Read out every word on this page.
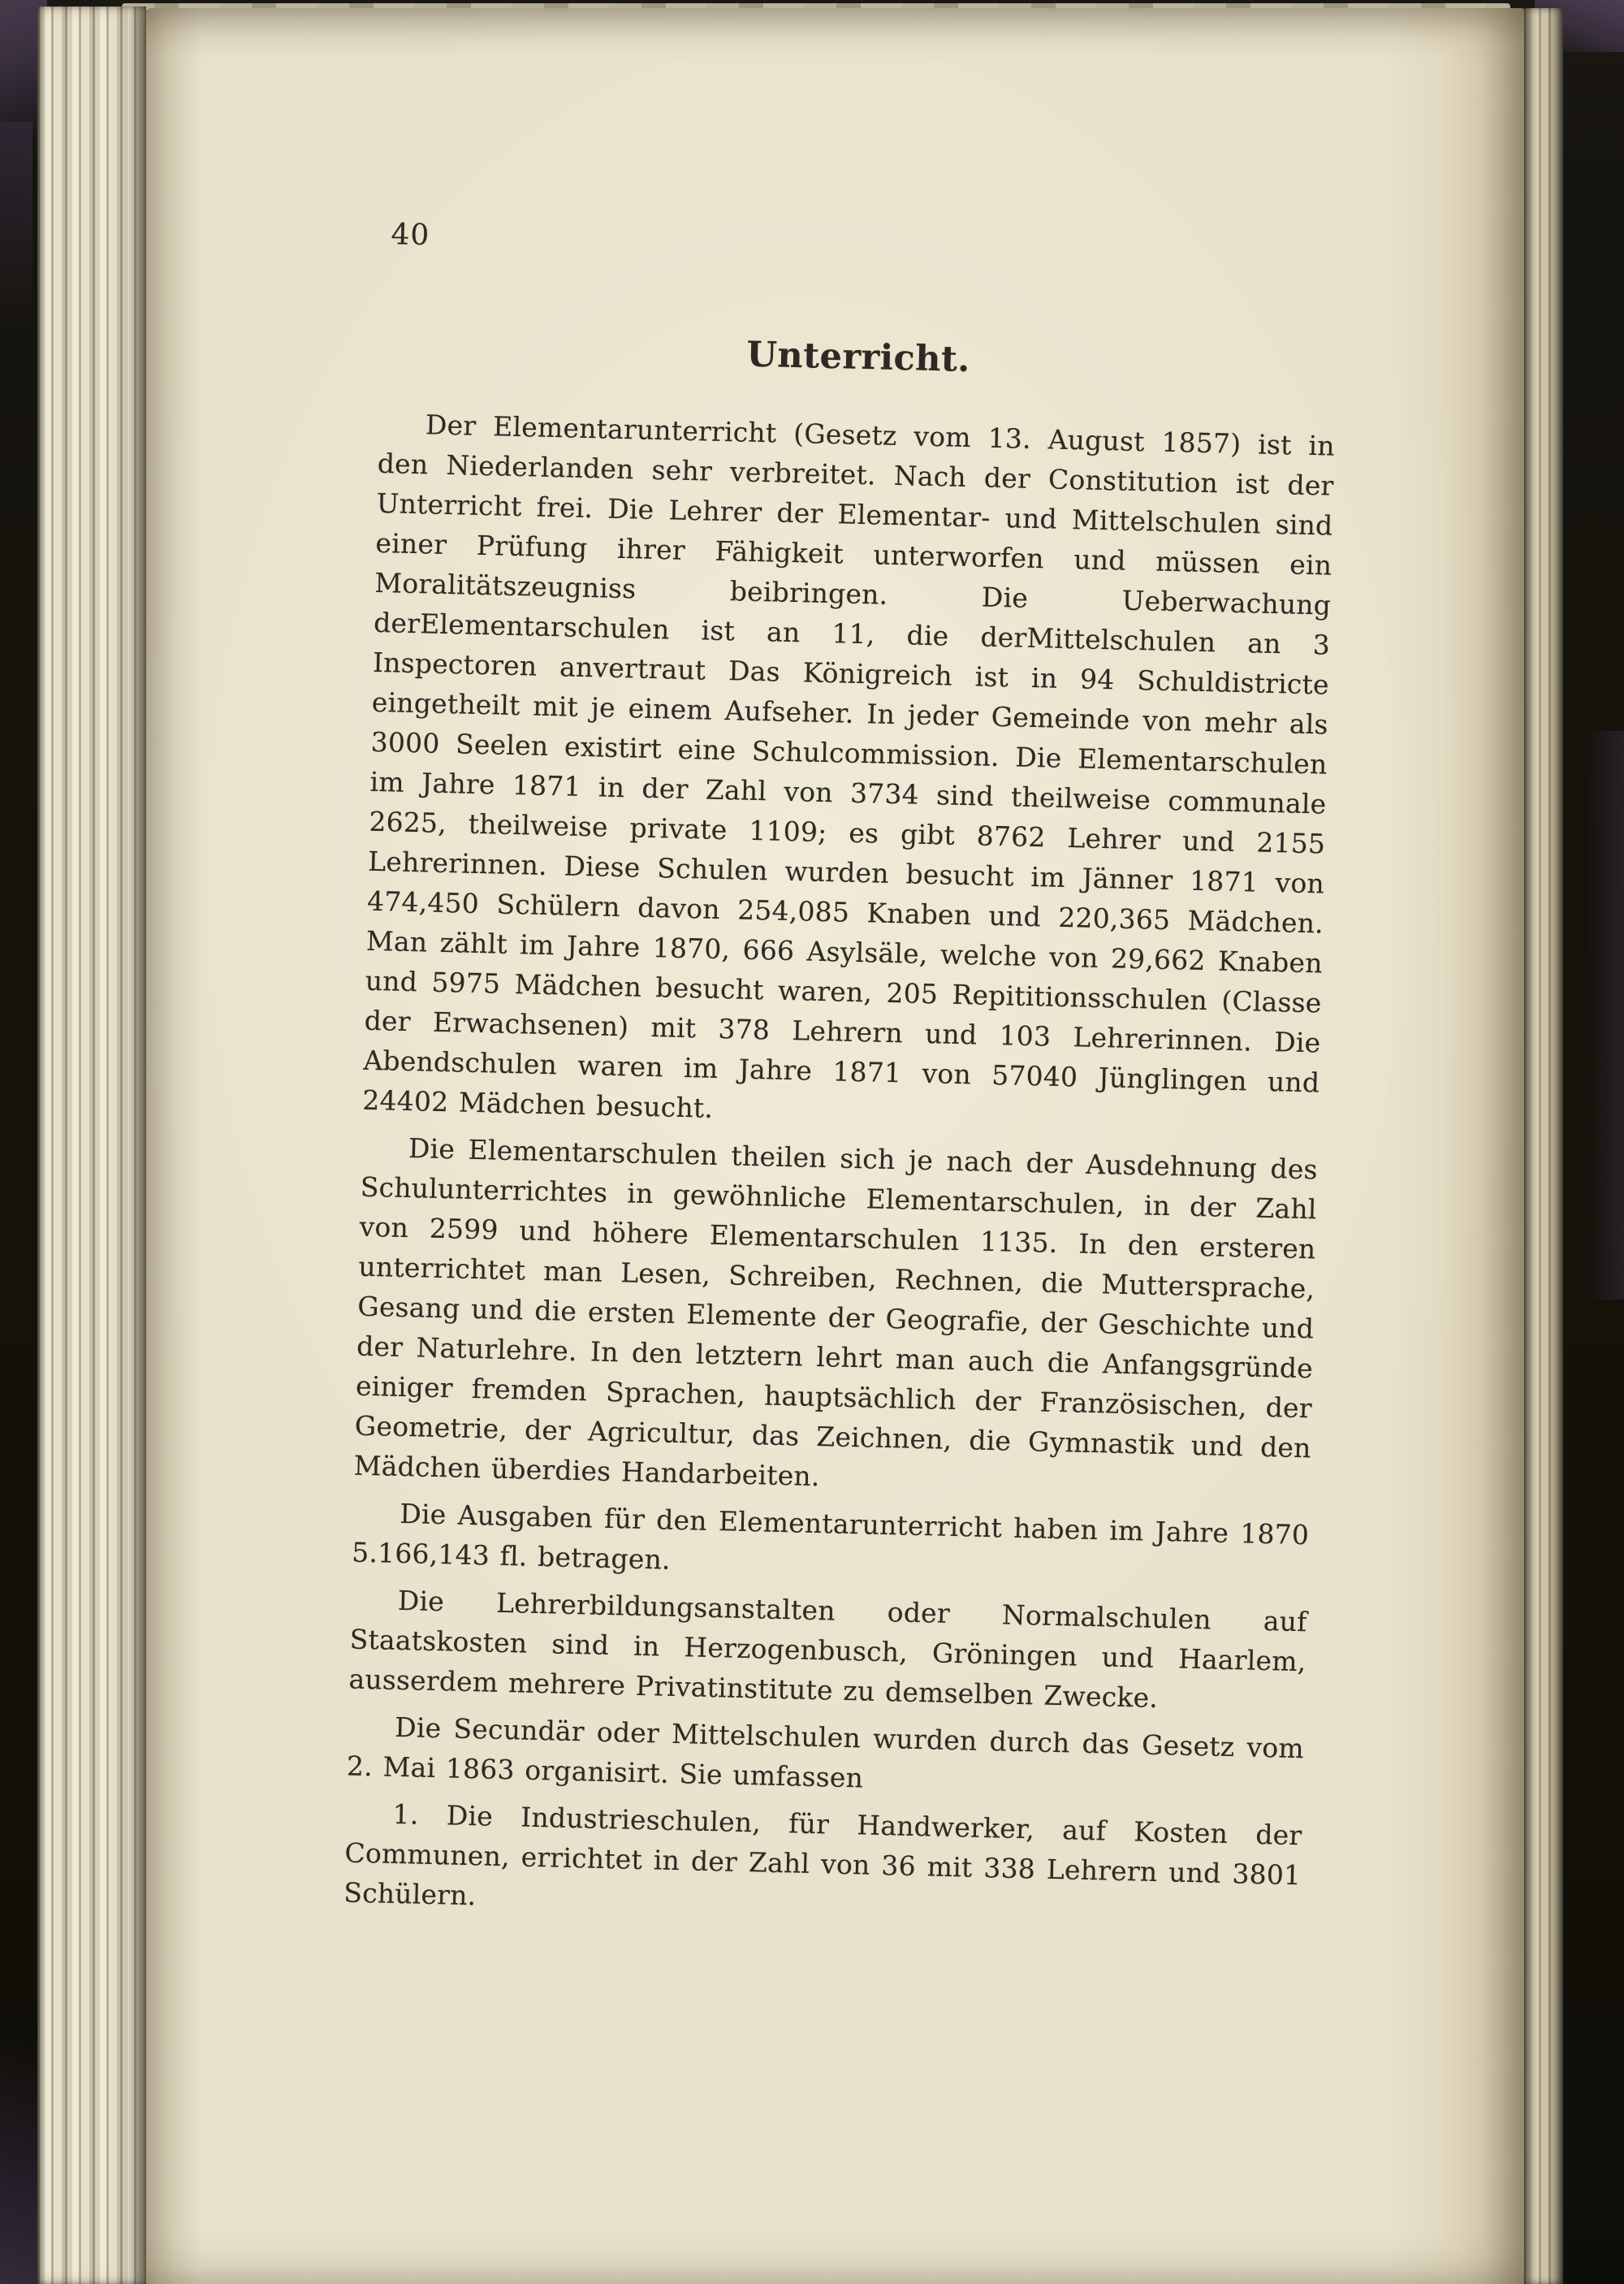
40
Unterricht.

Der Elementarunterricht (Gesetz vom 13. August 1857) ist in den Niederlanden sehr verbreitet. Nach der Constitution ist der Unterricht frei. Die Lehrer der Elementar- und Mittelschulen sind einer Prüfung ihrer Fähigkeit unterworfen und müssen ein Moralitätszeugniss beibringen. Die Ueberwachung derElementarschulen ist an 11, die derMittelschulen an 3 Inspectoren anvertraut Das Königreich ist in 94 Schuldistricte eingetheilt mit je einem Aufseher. In jeder Gemeinde von mehr als 3000 Seelen existirt eine Schulcommission. Die Elementarschulen im Jahre 1871 in der Zahl von 3734 sind theilweise communale 2625, theilweise private 1109; es gibt 8762 Lehrer und 2155 Lehrerinnen. Diese Schulen wurden besucht im Jänner 1871 von 474,450 Schülern davon 254,085 Knaben und 220,365 Mädchen. Man zählt im Jahre 1870, 666 Asylsäle, welche von 29,662 Knaben und 5975 Mädchen besucht waren, 205 Repititionsschulen (Classe der Erwachsenen) mit 378 Lehrern und 103 Lehrerinnen. Die Abendschulen waren im Jahre 1871 von 57040 Jünglingen und 24402 Mädchen besucht.

Die Elementarschulen theilen sich je nach der Ausdehnung des Schulunterrichtes in gewöhnliche Elementarschulen, in der Zahl von 2599 und höhere Elementarschulen 1135. In den ersteren unterrichtet man Lesen, Schreiben, Rechnen, die Muttersprache, Gesang und die ersten Elemente der Geografie, der Geschichte und der Naturlehre. In den letztern lehrt man auch die Anfangsgründe einiger fremden Sprachen, hauptsächlich der Französischen, der Geometrie, der Agricultur, das Zeichnen, die Gymnastik und den Mädchen überdies Handarbeiten.

Die Ausgaben für den Elementarunterricht haben im Jahre 1870 5.166,143 fl. betragen.

Die Lehrerbildungsanstalten oder Normalschulen auf Staatskosten sind in Herzogenbusch, Gröningen und Haarlem, ausserdem mehrere Privatinstitute zu demselben Zwecke.

Die Secundär oder Mittelschulen wurden durch das Gesetz vom 2. Mai 1863 organisirt. Sie umfassen

1. Die Industrieschulen, für Handwerker, auf Kosten der Communen, errichtet in der Zahl von 36 mit 338 Lehrern und 3801 Schülern.
